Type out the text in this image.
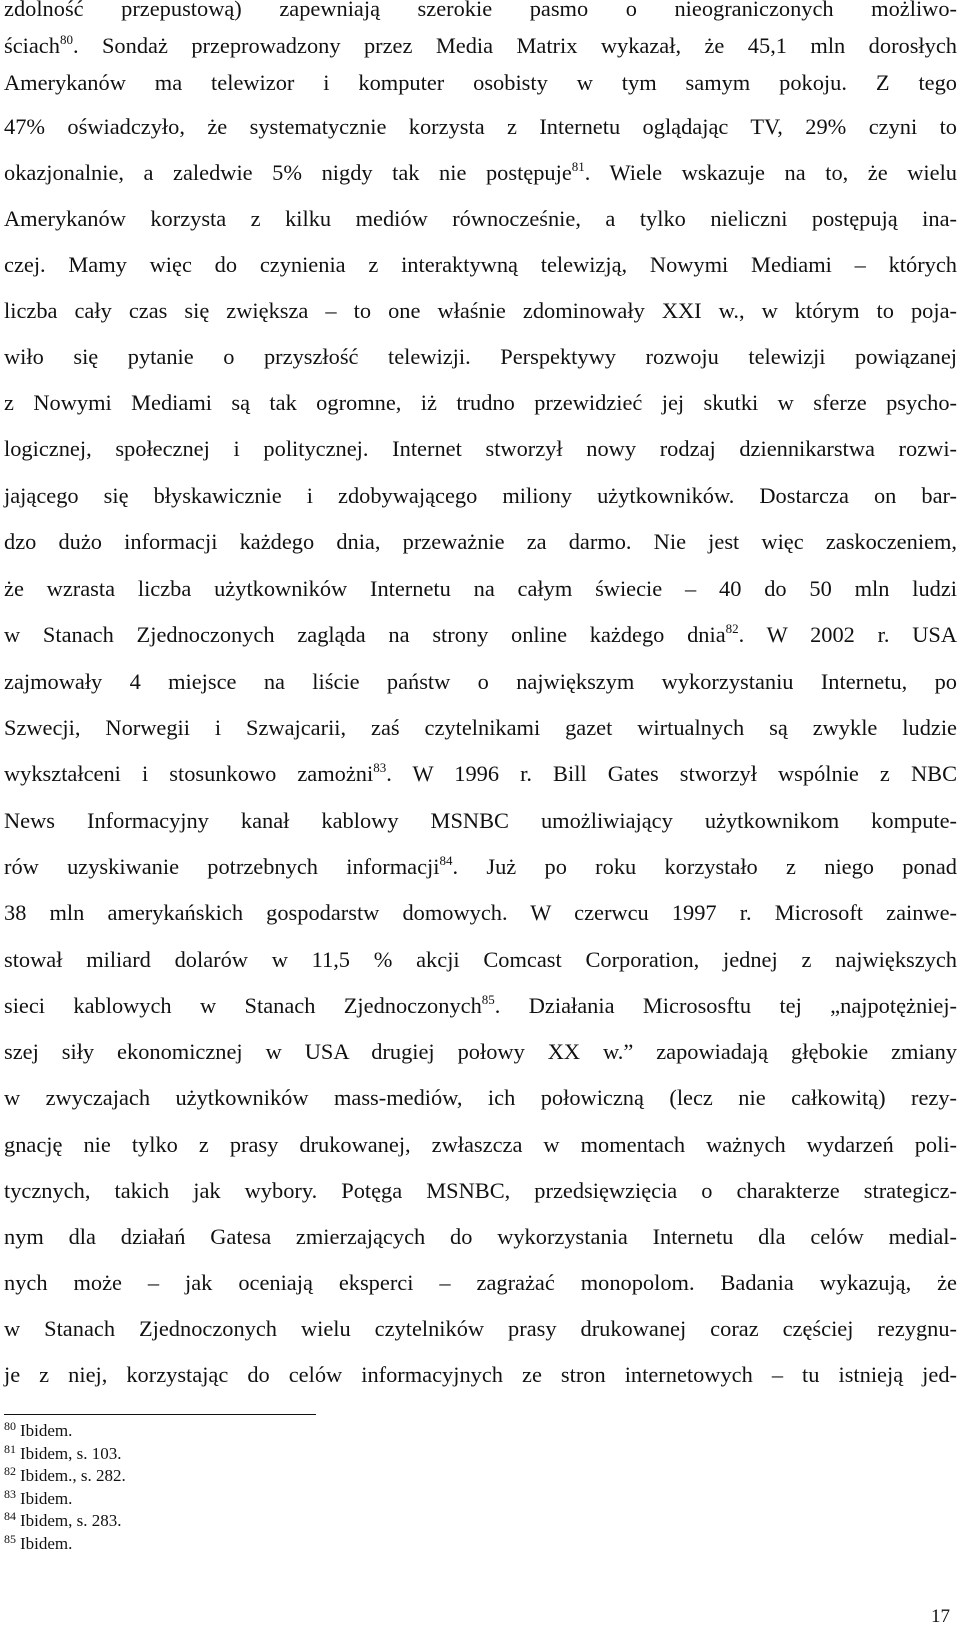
zdolność przepustową) zapewniają szerokie pasmo o nieograniczonych możliwo-
ściach$^{80}$. Sondaż przeprowadzony przez Media Matrix wykazał, że 45,1 mln dorosłych
Amerykanów ma telewizor i komputer osobisty w tym samym pokoju. Z tego
47% oświadczyło, że systematycznie korzysta z Internetu oglądając TV, 29% czyni to
okazjonalnie, a zaledwie 5% nigdy tak nie postępuje$^{81}$. Wiele wskazuje na to, że wielu
Amerykanów korzysta z kilku mediów równocześnie, a tylko nieliczni postępują ina-
czej. Mamy więc do czynienia z interaktywną telewizją, Nowymi Mediami – których
liczba cały czas się zwiększa – to one właśnie zdominowały XXI w., w którym to poja-
wiło się pytanie o przyszłość telewizji. Perspektywy rozwoju telewizji powiązanej
z Nowymi Mediami są tak ogromne, iż trudno przewidzieć jej skutki w sferze psycho-
logicznej, społecznej i politycznej. Internet stworzył nowy rodzaj dziennikarstwa rozwi-
jającego się błyskawicznie i zdobywającego miliony użytkowników. Dostarcza on bar-
dzo dużo informacji każdego dnia, przeważnie za darmo. Nie jest więc zaskoczeniem,
że wzrasta liczba użytkowników Internetu na całym świecie – 40 do 50 mln ludzi
w Stanach Zjednoczonych zagląda na strony online każdego dnia$^{82}$. W 2002 r. USA
zajmowały 4 miejsce na liście państw o największym wykorzystaniu Internetu, po
Szwecji, Norwegii i Szwajcarii, zaś czytelnikami gazet wirtualnych są zwykle ludzie
wykształceni i stosunkowo zamożni$^{83}$. W 1996 r. Bill Gates stworzył wspólnie z NBC
News Informacyjny kanał kablowy MSNBC umożliwiający użytkownikom kompute-
rów uzyskiwanie potrzebnych informacji$^{84}$. Już po roku korzystało z niego ponad
38 mln amerykańskich gospodarstw domowych. W czerwcu 1997 r. Microsoft zainwe-
stował miliard dolarów w 11,5 % akcji Comcast Corporation, jednej z największych
sieci kablowych w Stanach Zjednoczonych$^{85}$. Działania Micrososftu tej „najpotężniej-
szej siły ekonomicznej w USA drugiej połowy XX w.” zapowiadają głębokie zmiany
w zwyczajach użytkowników mass-mediów, ich połowiczną (lecz nie całkowitą) rezy-
gnację nie tylko z prasy drukowanej, zwłaszcza w momentach ważnych wydarzeń poli-
tycznych, takich jak wybory. Potęga MSNBC, przedsięwzięcia o charakterze strategicz-
nym dla działań Gatesa zmierzających do wykorzystania Internetu dla celów medial-
nych może – jak oceniają eksperci – zagrażać monopolom. Badania wykazują, że
w Stanach Zjednoczonych wielu czytelników prasy drukowanej coraz częściej rezygnu-
je z niej, korzystając do celów informacyjnych ze stron internetowych – tu istnieją jed-
$^{80}$ Ibidem.
$^{81}$ Ibidem, s. 103.
$^{82}$ Ibidem., s. 282.
$^{83}$ Ibidem.
$^{84}$ Ibidem, s. 283.
$^{85}$ Ibidem.
17
